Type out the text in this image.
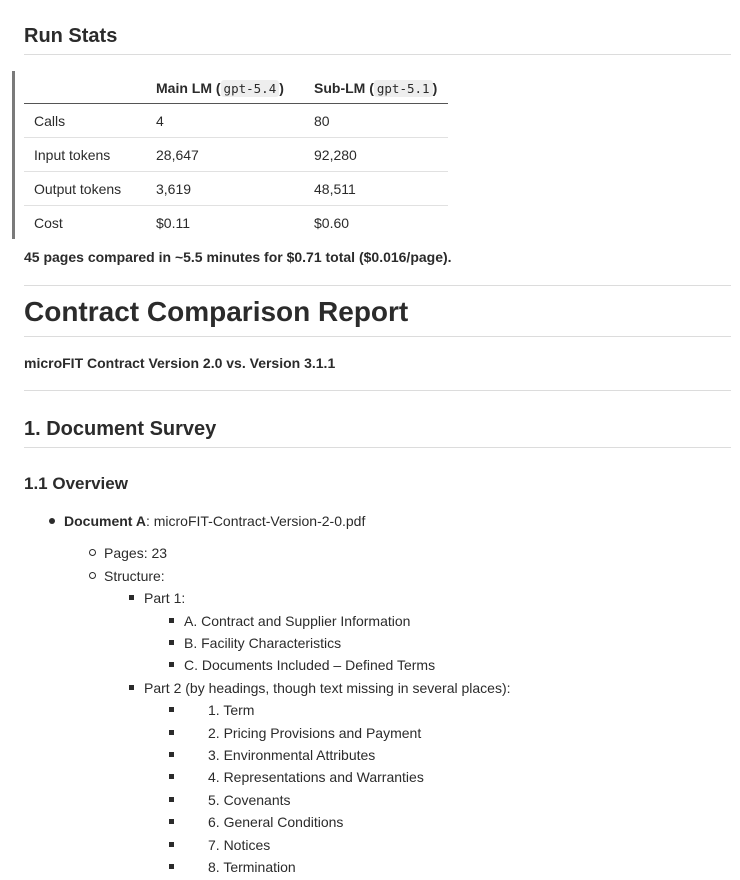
Run Stats
	Main LM ( gpt-5.4 )	Sub-LM ( gpt-5.1 )
Calls	4	80
Input tokens	28,647	92,280
Output tokens	3,619	48,511
Cost	$0.11	$0.60
45 pages compared in ~5.5 minutes for $0.71 total ($0.016/page).
Contract Comparison Report
microFIT Contract Version 2.0 vs. Version 3.1.1
1. Document Survey
1.1 Overview
Document A: microFIT-Contract-Version-2-0.pdf
Pages: 23
Structure:
Part 1:
A. Contract and Supplier Information
B. Facility Characteristics
C. Documents Included – Defined Terms
Part 2 (by headings, though text missing in several places):
1. Term
2. Pricing Provisions and Payment
3. Environmental Attributes
4. Representations and Warranties
5. Covenants
6. General Conditions
7. Notices
8. Termination
